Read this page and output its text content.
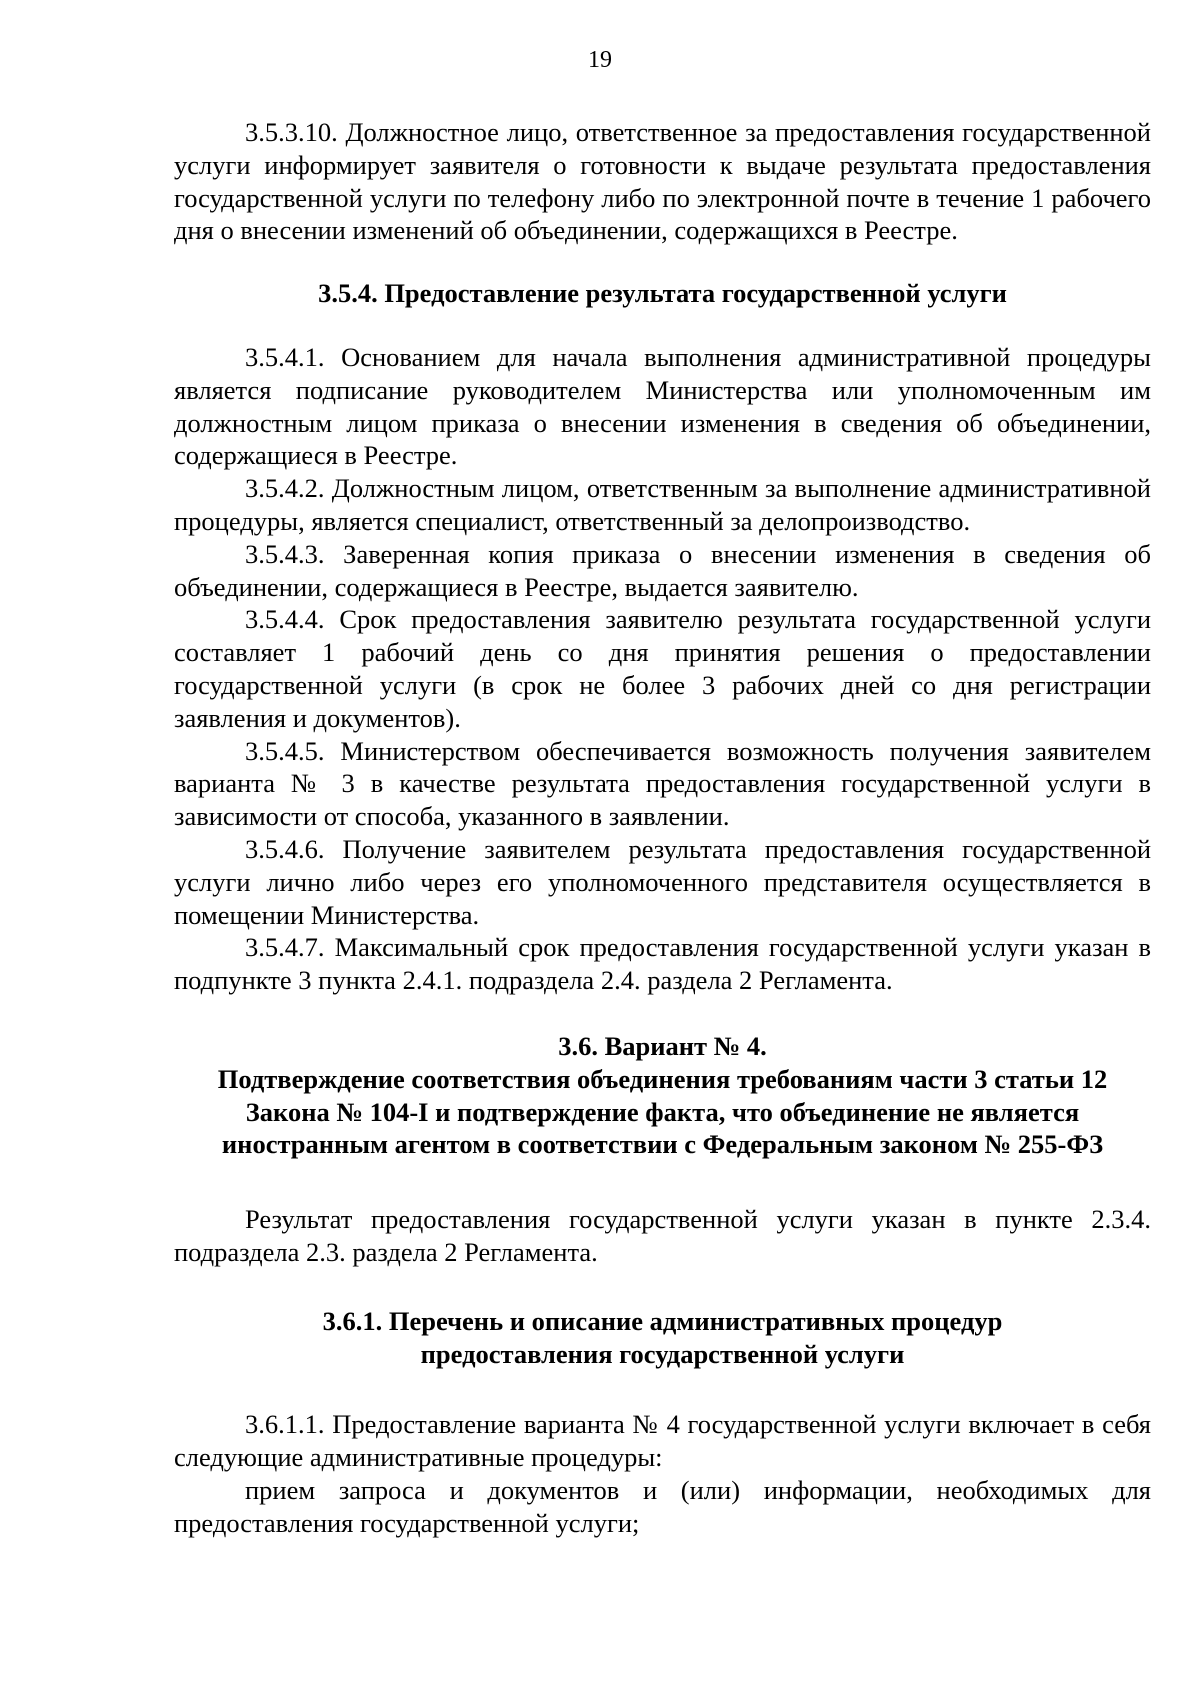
19

3.5.3.10. Должностное лицо, ответственное за предоставления государственной услуги информирует заявителя о готовности к выдаче результата предоставления государственной услуги по телефону либо по электронной почте в течение 1 рабочего дня о внесении изменений об объединении, содержащихся в Реестре.

3.5.4. Предоставление результата государственной услуги

3.5.4.1. Основанием для начала выполнения административной процедуры является подписание руководителем Министерства или уполномоченным им должностным лицом приказа о внесении изменения в сведения об объединении, содержащиеся в Реестре.

3.5.4.2. Должностным лицом, ответственным за выполнение административной процедуры, является специалист, ответственный за делопроизводство.

3.5.4.3. Заверенная копия приказа о внесении изменения в сведения об объединении, содержащиеся в Реестре, выдается заявителю.

3.5.4.4. Срок предоставления заявителю результата государственной услуги составляет 1 рабочий день со дня принятия решения о предоставлении государственной услуги (в срок не более 3 рабочих дней со дня регистрации заявления и документов).

3.5.4.5. Министерством обеспечивается возможность получения заявителем варианта № 3 в качестве результата предоставления государственной услуги в зависимости от способа, указанного в заявлении.

3.5.4.6. Получение заявителем результата предоставления государственной услуги лично либо через его уполномоченного представителя осуществляется в помещении Министерства.

3.5.4.7. Максимальный срок предоставления государственной услуги указан в подпункте 3 пункта 2.4.1. подраздела 2.4. раздела 2 Регламента.

3.6. Вариант № 4.
Подтверждение соответствия объединения требованиям части 3 статьи 12
Закона № 104-I и подтверждение факта, что объединение не является
иностранным агентом в соответствии с Федеральным законом № 255-ФЗ

Результат предоставления государственной услуги указан в пункте 2.3.4. подраздела 2.3. раздела 2 Регламента.

3.6.1. Перечень и описание административных процедур
предоставления государственной услуги

3.6.1.1. Предоставление варианта № 4 государственной услуги включает в себя следующие административные процедуры:

прием запроса и документов и (или) информации, необходимых для предоставления государственной услуги;
